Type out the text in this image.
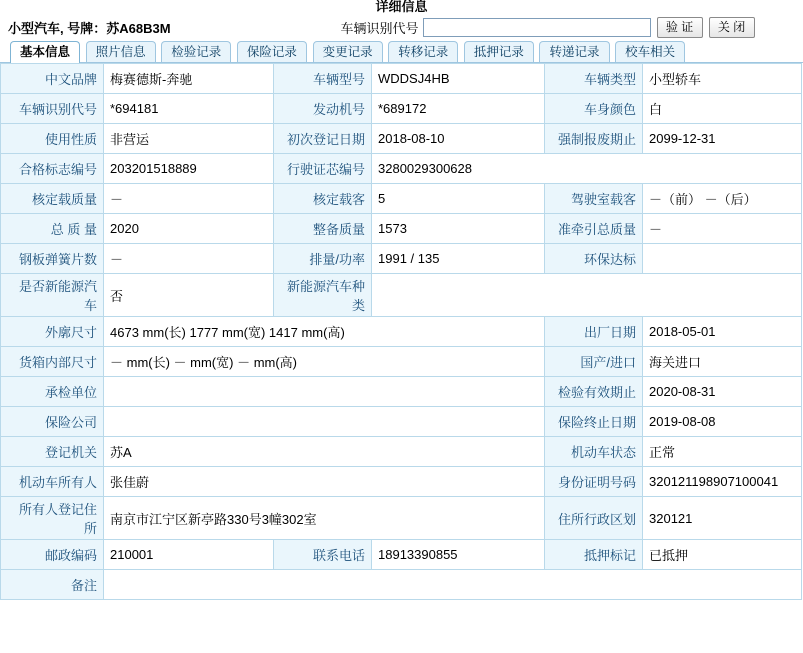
详细信息
小型汽车, 号牌：苏A68B3M	车辆识别代号	验 证	关 闭
基本信息 照片信息 检验记录 保险记录 变更记录 转移记录 抵押记录 转递记录 校车相关
中文品牌	梅赛德斯-奔驰	车辆型号	WDDSJ4HB	车辆类型	小型轿车
车辆识别代号	*694181	发动机号	*689172	车身颜色	白
使用性质	非营运	初次登记日期	2018-08-10	强制报废期止	2099-12-31
合格标志编号	203201518889	行驶证芯编号	3280029300628		
核定载质量	－	核定载客	5	驾驶室载客	－（前） －（后）
总 质 量	2020	整备质量	1573	准牵引总质量	－
钢板弹簧片数	－	排量/功率	1991 / 135	环保达标	
是否新能源汽车	否	新能源汽车种类			
外廓尺寸	4673 mm(长) 1777 mm(宽) 1417 mm(高)			出厂日期	2018-05-01
货箱内部尺寸	－ mm(长) － mm(宽) － mm(高)			国产/进口	海关进口
承检单位				检验有效期止	2020-08-31
保险公司				保险终止日期	2019-08-08
登记机关	苏A			机动车状态	正常
机动车所有人	张佳蔚			身份证明号码	320121198907100041
所有人登记住所	南京市江宁区新亭路330号3幢302室			住所行政区划	320121
邮政编码	210001	联系电话	18913390855	抵押标记	已抵押
备注					
